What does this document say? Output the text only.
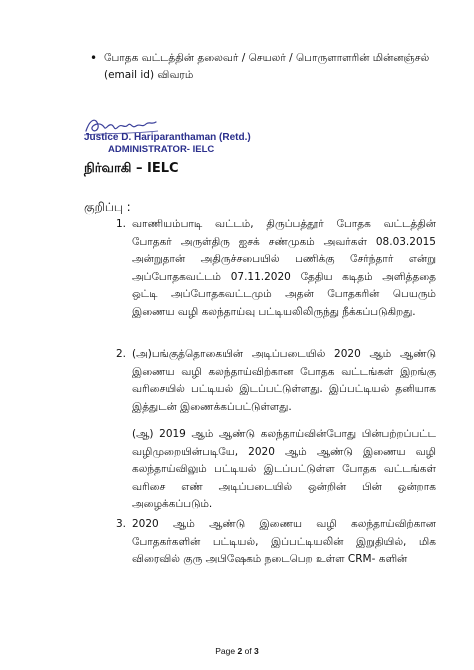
• போதக வட்டத்தின் தலைவர் / செயலர் / பொருளாளரின் மின்னஞ்சல் (email id) விவரம்
Justice D. Hariparanthaman (Retd.)
ADMINISTRATOR- IELC
நிர்வாகி – IELC
குறிப்பு :
1. வாணியம்பாடி வட்டம், திருப்பத்தூர் போதக வட்டத்தின் போதகர் அருள்திரு ஐசக் சண்முகம் அவர்கள் 08.03.2015 அன்றுதான் அதிருச்சபையில் பணிக்கு சேர்ந்தார் என்று அப்போதகவட்டம் 07.11.2020 தேதிய கடிதம் அளித்ததை ஒட்டி அப்போதகவட்டமும் அதன் போதகரின் பெயரும் இணைய வழி கலந்தாய்வு பட்டியலிலிருந்து நீக்கப்படுகிறது.

2. (அ)பங்குத்தொகையின் அடிப்படையில் 2020 ஆம் ஆண்டு இணைய வழி கலந்தாய்விற்கான போதக வட்டங்கள் இறங்கு வரிசையில் பட்டியல் இடப்பட்டுள்ளது. இப்பட்டியல் தனியாக இத்துடன் இணைக்கப்பட்டுள்ளது.

(ஆ) 2019 ஆம் ஆண்டு கலந்தாய்வின்போது பின்பற்றப்பட்ட வழிமுறையின்படியே, 2020 ஆம் ஆண்டு இணைய வழி கலந்தாய்விலும் பட்டியல் இடப்பட்டுள்ள போதக வட்டங்கள் வரிசை எண் அடிப்படையில் ஒன்றின் பின் ஒன்றாக அழைக்கப்படும்.

3. 2020 ஆம் ஆண்டு இணைய வழி கலந்தாய்விற்கான போதகர்களின் பட்டியல், இப்பட்டியலின் இறுதியில், மிக விரைவில் குரு அபிஷேகம் நடைபெற உள்ள CRM- களின்

Page 2 of 3
